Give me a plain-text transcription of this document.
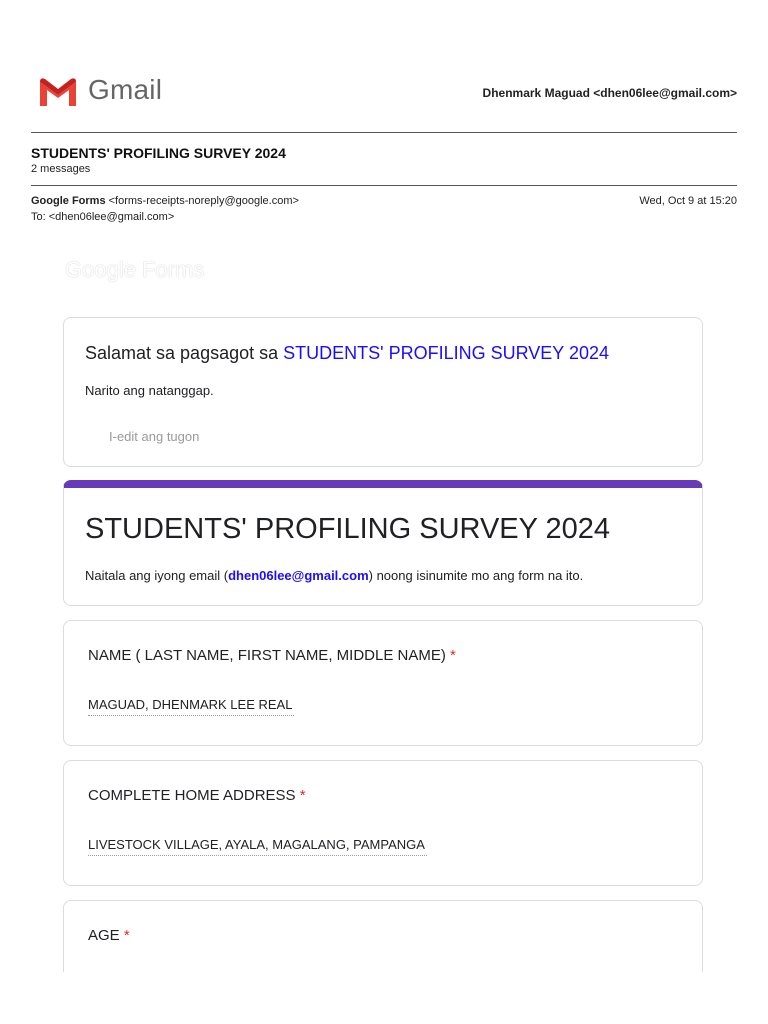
Gmail	Dhenmark Maguad <dhen06lee@gmail.com>
STUDENTS' PROFILING SURVEY 2024
2 messages
Google Forms <forms-receipts-noreply@google.com>	Wed, Oct 9 at 15:20
To: <dhen06lee@gmail.com>
Google Forms
Salamat sa pagsagot sa STUDENTS' PROFILING SURVEY 2024
Narito ang natanggap.
I-edit ang tugon
STUDENTS' PROFILING SURVEY 2024
Naitala ang iyong email (dhen06lee@gmail.com) noong isinumite mo ang form na ito.
NAME ( LAST NAME, FIRST NAME, MIDDLE NAME) *
MAGUAD, DHENMARK LEE REAL
COMPLETE HOME ADDRESS *
LIVESTOCK VILLAGE, AYALA, MAGALANG, PAMPANGA
AGE *
